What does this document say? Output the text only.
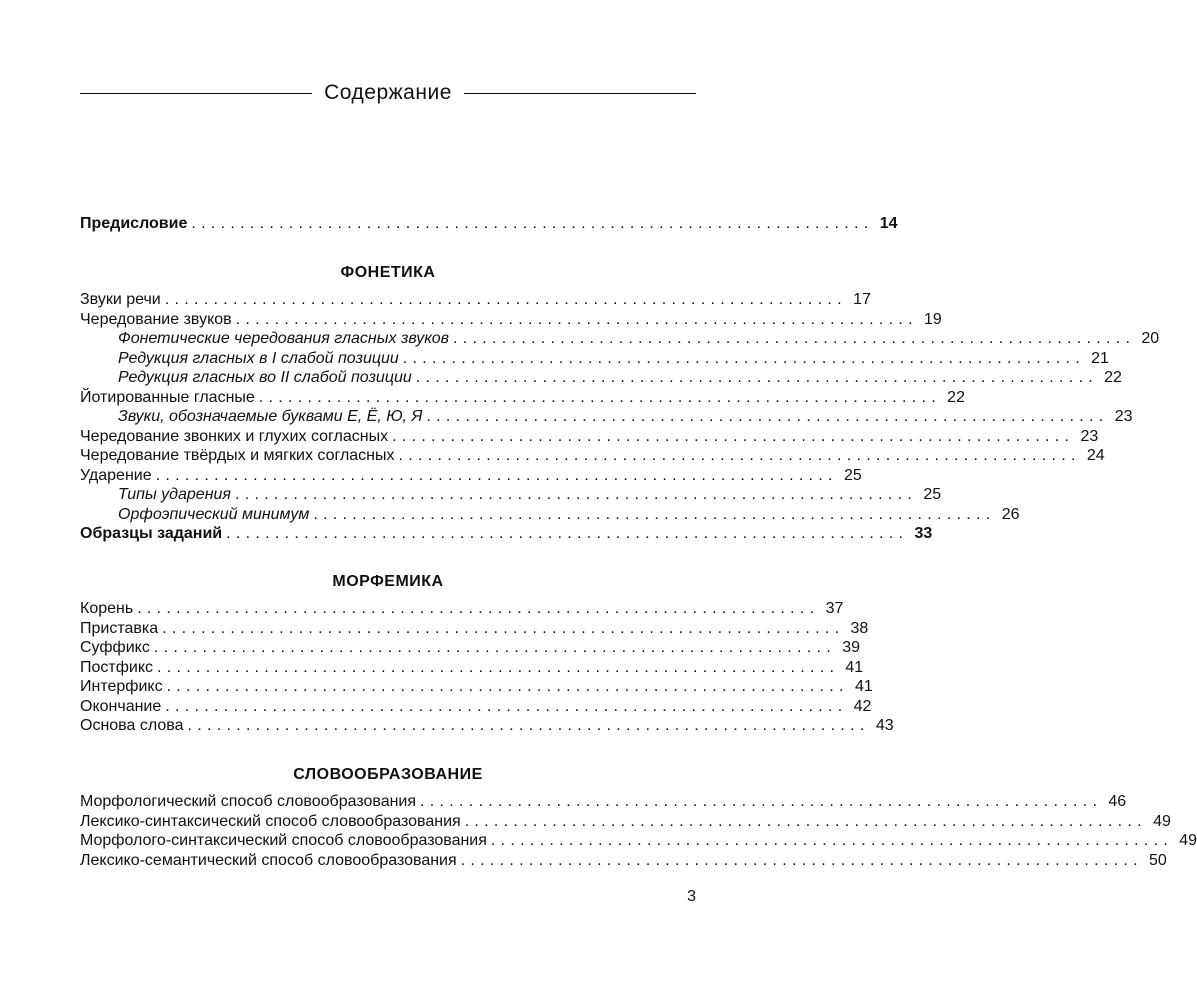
Содержание
Предисловие ...................................................................... 14
ФОНЕТИКА
Звуки речи ...................................................................... 17
Чередование звуков ...................................................................... 19
Фонетические чередования гласных звуков ...................................................................... 20
Редукция гласных в I слабой позиции ...................................................................... 21
Редукция гласных во II слабой позиции ...................................................................... 22
Йотированные гласные ...................................................................... 22
Звуки, обозначаемые буквами Е, Ё, Ю, Я ...................................................................... 23
Чередование звонких и глухих согласных ...................................................................... 23
Чередование твёрдых и мягких согласных ...................................................................... 24
Ударение ...................................................................... 25
Типы ударения ...................................................................... 25
Орфоэпический минимум ...................................................................... 26
Образцы заданий ...................................................................... 33
МОРФЕМИКА
Корень ...................................................................... 37
Приставка ...................................................................... 38
Суффикс ...................................................................... 39
Постфикс ...................................................................... 41
Интерфикс ...................................................................... 41
Окончание ...................................................................... 42
Основа слова ...................................................................... 43
СЛОВООБРАЗОВАНИЕ
Морфологический способ словообразования ...................................................................... 46
Лексико-синтаксический способ словообразования ...................................................................... 49
Морфолого-синтаксический способ словообразования ...................................................................... 49
Лексико-семантический способ словообразования ...................................................................... 50
3
